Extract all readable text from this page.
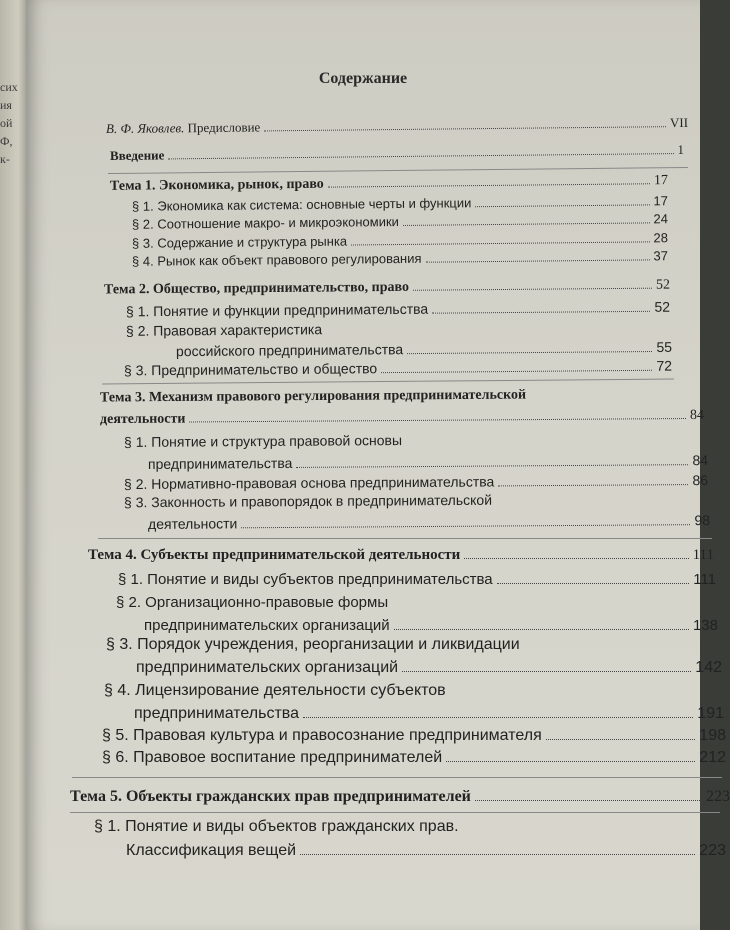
сих
ия
ой
Ф,
к-
Содержание
В. Ф. Яковлев. Предисловие	VII
Введение	1
Тема 1. Экономика, рынок, право	17
§ 1. Экономика как система: основные черты и функции	17
§ 2. Соотношение макро- и микроэкономики	24
§ 3. Содержание и структура рынка	28
§ 4. Рынок как объект правового регулирования	37
Тема 2. Общество, предпринимательство, право	52
§ 1. Понятие и функции предпринимательства	52
§ 2. Правовая характеристика
российского предпринимательства	55
§ 3. Предпринимательство и общество	72
Тема 3. Механизм правового регулирования предпринимательской
деятельности	84
§ 1. Понятие и структура правовой основы
предпринимательства	84
§ 2. Нормативно-правовая основа предпринимательства	86
§ 3. Законность и правопорядок в предпринимательской
деятельности	98
Тема 4. Субъекты предпринимательской деятельности	111
§ 1. Понятие и виды субъектов предпринимательства	111
§ 2. Организационно-правовые формы
предпринимательских организаций	138
§ 3. Порядок учреждения, реорганизации и ликвидации
предпринимательских организаций	142
§ 4. Лицензирование деятельности субъектов
предпринимательства	191
§ 5. Правовая культура и правосознание предпринимателя	198
§ 6. Правовое воспитание предпринимателей	212
Тема 5. Объекты гражданских прав предпринимателей	223
§ 1. Понятие и виды объектов гражданских прав.
Классификация вещей	223
